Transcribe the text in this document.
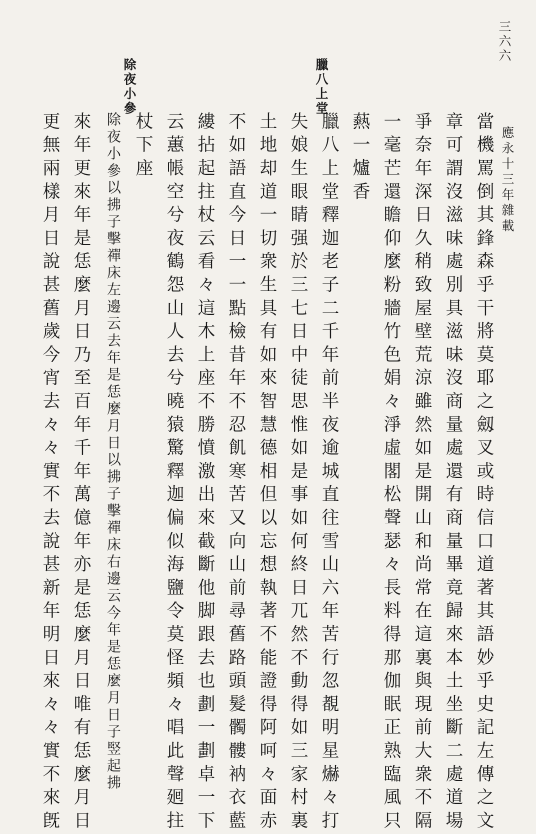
三六六
應永十三年雜載
臘八上堂
除夜小參
當機罵倒其鋒森乎干將莫耶之劔叉或時信口道著其語妙乎史記左傳之文
章可謂沒滋味處別具滋味沒商量處還有商量畢竟歸來本土坐斷二處道場
爭奈年深日久稍致屋壁荒涼雖然如是開山和尚常在這裏與現前大衆不隔
一毫芒還瞻仰麼粉牆竹色娟々淨虛閣松聲瑟々長料得那伽眠正熟臨風只
爇一爐香
臘八上堂釋迦老子二千年前半夜逾城直往雪山六年苦行忽覩明星爀々打
失娘生眼睛强於三七日中徒思惟如是事如何終日兀然不動得如三家村裏
土地却道一切衆生具有如來智慧德相但以忘想執著不能證得阿呵々面赤
不如語直今日一一點檢昔年不忍飢寒苦又向山前尋舊路頭髮髑髏衲衣藍
縷拈起拄杖云看々這木上座不勝憤激出來截斷他脚跟去也劃一劃卓一下
云蕙帳空兮夜鶴怨山人去兮曉猿驚釋迦偏似海鹽令莫怪頻々唱此聲𢌞拄
杖下座
除夜小參以拂子擊禪床左邊云去年是恁麼月日以拂子擊禪床右邊云今年是恁麼月日子竪起拂
來年更來年是恁麼月日乃至百年千年萬億年亦是恁麼月日唯有恁麼月日
更無兩樣月日說甚舊歲今宵去々々實不去說甚新年明日來々々實不來旣
